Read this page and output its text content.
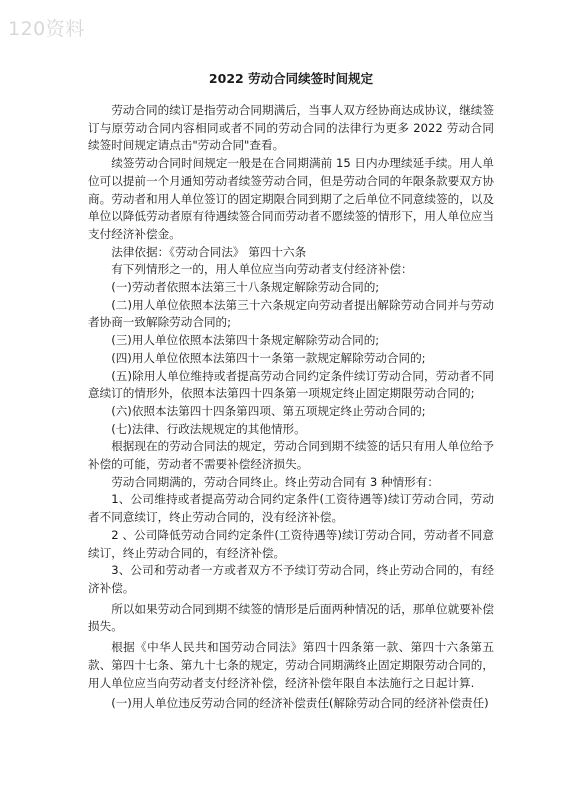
120资料
2022 劳动合同续签时间规定

劳动合同的续订是指劳动合同期满后，当事人双方经协商达成协议，继续签订与原劳动合同内容相同或者不同的劳动合同的法律行为更多 2022 劳动合同续签时间规定请点击"劳动合同"查看。

续签劳动合同时间规定一般是在合同期满前 15 日内办理续延手续。用人单位可以提前一个月通知劳动者续签劳动合同，但是劳动合同的年限条款要双方协商。劳动者和用人单位签订的固定期限合同到期了之后单位不同意续签的，以及单位以降低劳动者原有待遇续签合同而劳动者不愿续签的情形下，用人单位应当支付经济补偿金。

法律依据：《劳动合同法》 第四十六条

有下列情形之一的，用人单位应当向劳动者支付经济补偿：

(一)劳动者依照本法第三十八条规定解除劳动合同的;

(二)用人单位依照本法第三十六条规定向劳动者提出解除劳动合同并与劳动者协商一致解除劳动合同的;

(三)用人单位依照本法第四十条规定解除劳动合同的;

(四)用人单位依照本法第四十一条第一款规定解除劳动合同的;

(五)除用人单位维持或者提高劳动合同约定条件续订劳动合同，劳动者不同意续订的情形外，依照本法第四十四条第一项规定终止固定期限劳动合同的;

(六)依照本法第四十四条第四项、第五项规定终止劳动合同的;

(七)法律、行政法规规定的其他情形。

根据现在的劳动合同法的规定，劳动合同到期不续签的话只有用人单位给予补偿的可能，劳动者不需要补偿经济损失。

劳动合同期满的，劳动合同终止。终止劳动合同有 3 种情形有：

1、公司维持或者提高劳动合同约定条件(工资待遇等)续订劳动合同，劳动者不同意续订，终止劳动合同的，没有经济补偿。

2 、公司降低劳动合同约定条件(工资待遇等)续订劳动合同，劳动者不同意续订，终止劳动合同的，有经济补偿。

3、公司和劳动者一方或者双方不予续订劳动合同，终止劳动合同的，有经济补偿。

所以如果劳动合同到期不续签的情形是后面两种情况的话，那单位就要补偿损失。

根据《中华人民共和国劳动合同法》第四十四条第一款、第四十六条第五款、第四十七条、第九十七条的规定，劳动合同期满终止固定期限劳动合同的，用人单位应当向劳动者支付经济补偿，经济补偿年限自本法施行之日起计算.

(一)用人单位违反劳动合同的经济补偿责任(解除劳动合同的经济补偿责任)
